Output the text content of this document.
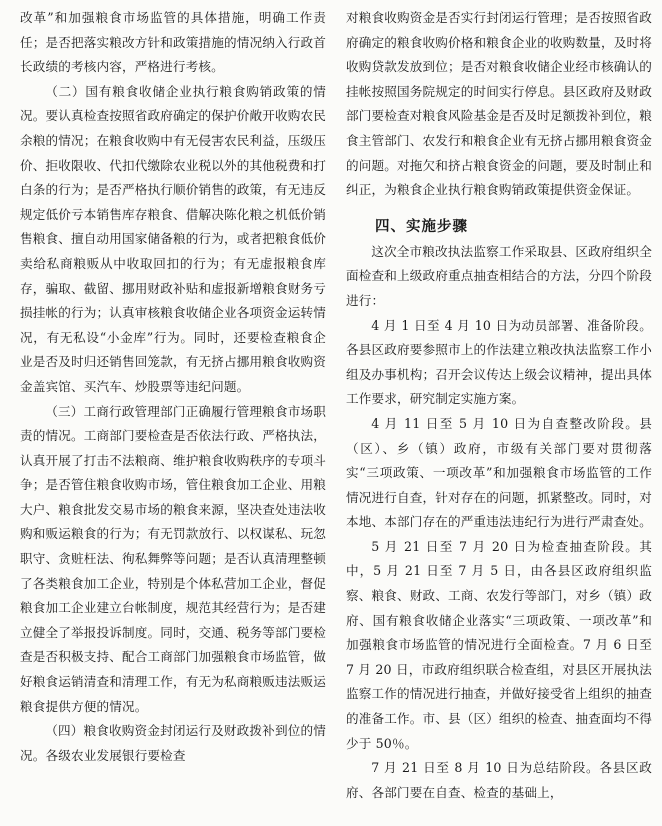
改革”和加强粮食市场监管的具体措施，明确工作责任；是否把落实粮改方针和政策措施的情况纳入行政首长政绩的考核内容，严格进行考核。

（二）国有粮食收储企业执行粮食购销政策的情况。要认真检查按照省政府确定的保护价敞开收购农民余粮的情况；在粮食收购中有无侵害农民利益，压级压价、拒收限收、代扣代缴除农业税以外的其他税费和打白条的行为；是否严格执行顺价销售的政策，有无违反规定低价亏本销售库存粮食、借解决陈化粮之机低价销售粮食、擅自动用国家储备粮的行为，或者把粮食低价卖给私商粮贩从中收取回扣的行为；有无虚报粮食库存，骗取、截留、挪用财政补贴和虚报新增粮食财务亏损挂帐的行为；认真审核粮食收储企业各项资金运转情况，有无私设“小金库”行为。同时，还要检查粮食企业是否及时归还销售回笼款，有无挤占挪用粮食收购资金盖宾馆、买汽车、炒股票等违纪问题。

（三）工商行政管理部门正确履行管理粮食市场职责的情况。工商部门要检查是否依法行政、严格执法，认真开展了打击不法粮商、维护粮食收购秩序的专项斗争；是否管住粮食收购市场，管住粮食加工企业、用粮大户、粮食批发交易市场的粮食来源，坚决查处违法收购和贩运粮食的行为；有无罚款放行、以权谋私、玩忽职守、贪赃枉法、徇私舞弊等问题；是否认真清理整顿了各类粮食加工企业，特别是个体私营加工企业，督促粮食加工企业建立台帐制度，规范其经营行为；是否建立健全了举报投诉制度。同时，交通、税务等部门要检查是否积极支持、配合工商部门加强粮食市场监管，做好粮食运销清查和清理工作，有无为私商粮贩违法贩运粮食提供方便的情况。

（四）粮食收购资金封闭运行及财政拨补到位的情况。各级农业发展银行要检查

对粮食收购资金是否实行封闭运行管理；是否按照省政府确定的粮食收购价格和粮食企业的收购数量，及时将收购贷款发放到位；是否对粮食收储企业经市核确认的挂帐按照国务院规定的时间实行停息。县区政府及财政部门要检查对粮食风险基金是否及时足额拨补到位，粮食主管部门、农发行和粮食企业有无挤占挪用粮食资金的问题。对拖欠和挤占粮食资金的问题，要及时制止和纠正，为粮食企业执行粮食购销政策提供资金保证。

四、实施步骤

这次全市粮改执法监察工作采取县、区政府组织全面检查和上级政府重点抽查相结合的方法，分四个阶段进行：

4 月 1 日至 4 月 10 日为动员部署、准备阶段。各县区政府要参照市上的作法建立粮改执法监察工作小组及办事机构；召开会议传达上级会议精神，提出具体工作要求，研究制定实施方案。

4 月 11 日至 5 月 10 日为自查整改阶段。县（区）、乡（镇）政府，市级有关部门要对贯彻落实“三项政策、一项改革”和加强粮食市场监管的工作情况进行自查，针对存在的问题，抓紧整改。同时，对本地、本部门存在的严重违法违纪行为进行严肃查处。

5 月 21 日至 7 月 20 日为检查抽查阶段。其中，5 月 21 日至 7 月 5 日，由各县区政府组织监察、粮食、财政、工商、农发行等部门，对乡（镇）政府、国有粮食收储企业落实“三项政策、一项改革”和加强粮食市场监管的情况进行全面检查。7 月 6 日至 7 月 20 日，市政府组织联合检查组，对县区开展执法监察工作的情况进行抽查，并做好接受省上组织的抽查的准备工作。市、县（区）组织的检查、抽查面均不得少于 50％。

7 月 21 日至 8 月 10 日为总结阶段。各县区政府、各部门要在自查、检查的基础上，
